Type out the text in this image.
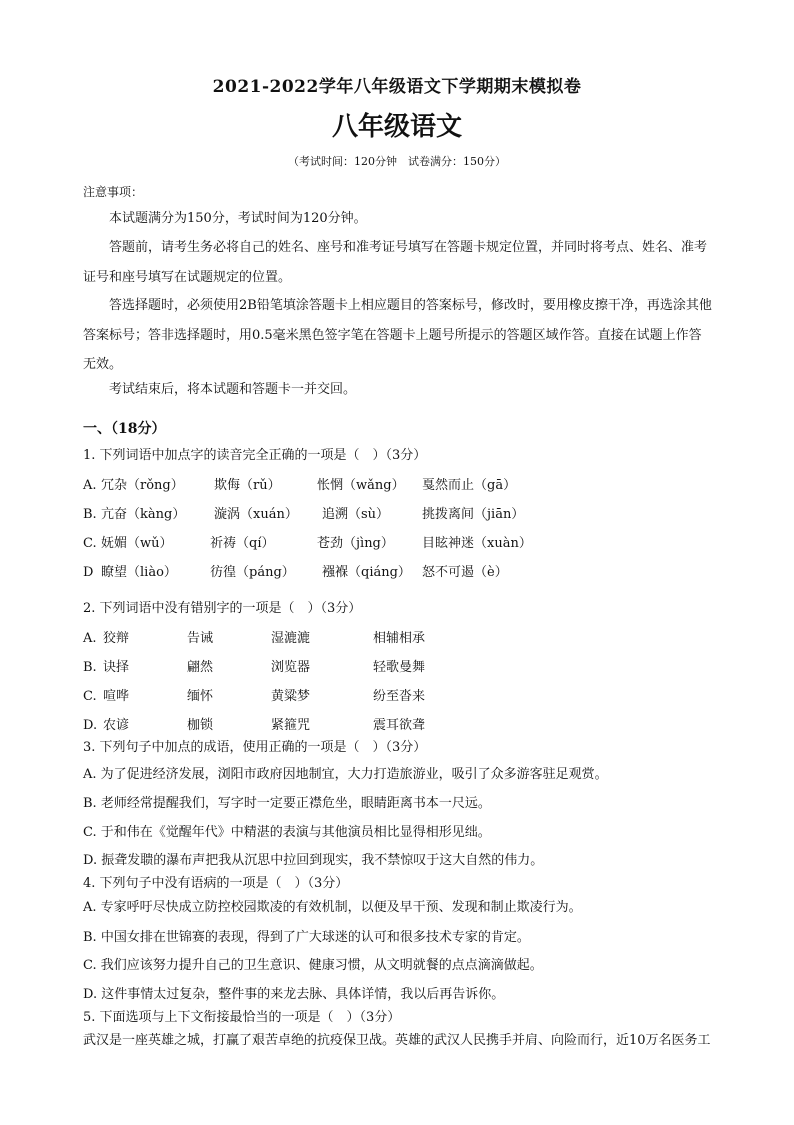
2021-2022学年八年级语文下学期期末模拟卷
八年级语文
（考试时间：120分钟　试卷满分：150分）
注意事项：
本试题满分为150分，考试时间为120分钟。
答题前，请考生务必将自己的姓名、座号和准考证号填写在答题卡规定位置，并同时将考点、姓名、准考证号和座号填写在试题规定的位置。
答选择题时，必须使用2B铅笔填涂答题卡上相应题目的答案标号，修改时，要用橡皮擦干净，再选涂其他答案标号；答非选择题时，用0.5毫米黑色签字笔在答题卡上题号所提示的答题区域作答。直接在试题上作答无效。
考试结束后，将本试题和答题卡一并交回。
一、（18分）
1. 下列词语中加点字的读音完全正确的一项是（　）（3分）
A. 冗杂（rǒng） 欺侮（rǔ）	怅惘（wǎng） 戛然而止（gā）
B. 亢奋（kàng） 漩涡（xuán） 追溯（sù）	挑拨离间（jiān）
C. 妩媚（wǔ）	祈祷（qí）	苍劲（jìng） 目眩神迷（xuàn）
D 瞭望（liào）	彷徨（páng） 襁褓（qiáng） 怒不可遏（è）
2. 下列词语中没有错别字的一项是（　）（3分）
A. 狡辩	告诫	湿漉漉	相辅相承
B. 诀择	翩然	浏览器	轻歌曼舞
C. 喧哗	缅怀	黄粱梦	纷至沓来
D. 农谚	枷锁	紧箍咒	震耳欲聋
3. 下列句子中加点的成语，使用正确的一项是（　）（3分）
A. 为了促进经济发展，浏阳市政府因地制宜，大力打造旅游业，吸引了众多游客驻足观赏。
B. 老师经常提醒我们，写字时一定要正襟危坐，眼睛距离书本一尺远。
C. 于和伟在《觉醒年代》中精湛的表演与其他演员相比显得相形见绌。
D. 振聋发聩的瀑布声把我从沉思中拉回到现实，我不禁惊叹于这大自然的伟力。
4. 下列句子中没有语病的一项是（　）（3分）
A. 专家呼吁尽快成立防控校园欺凌的有效机制，以便及早干预、发现和制止欺凌行为。
B. 中国女排在世锦赛的表现，得到了广大球迷的认可和很多技术专家的肯定。
C. 我们应该努力提升自己的卫生意识、健康习惯，从文明就餐的点点滴滴做起。
D. 这件事情太过复杂，整件事的来龙去脉、具体详情，我以后再告诉你。
5. 下面选项与上下文衔接最恰当的一项是（　）（3分）
武汉是一座英雄之城，打赢了艰苦卓绝的抗疫保卫战。英雄的武汉人民携手并肩、向险而行，近10万名医务工
